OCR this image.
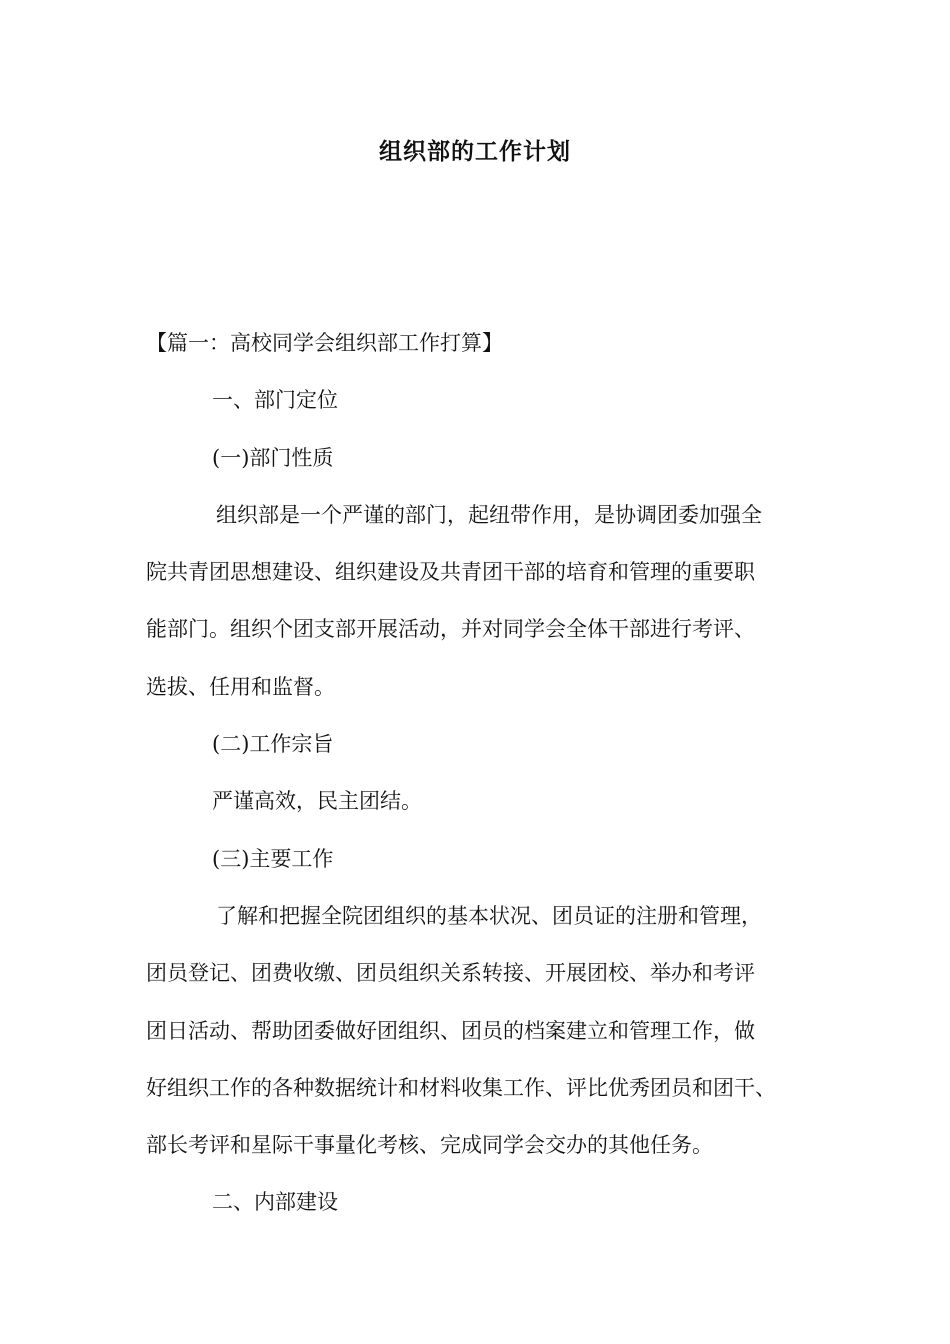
组织部的工作计划
【篇一：高校同学会组织部工作打算】
一、部门定位
(一)部门性质
组织部是一个严谨的部门，起纽带作用，是协调团委加强全
院共青团思想建设、组织建设及共青团干部的培育和管理的重要职
能部门。组织个团支部开展活动，并对同学会全体干部进行考评、
选拔、任用和监督。
(二)工作宗旨
严谨高效，民主团结。
(三)主要工作
了解和把握全院团组织的基本状况、团员证的注册和管理，
团员登记、团费收缴、团员组织关系转接、开展团校、举办和考评
团日活动、帮助团委做好团组织、团员的档案建立和管理工作，做
好组织工作的各种数据统计和材料收集工作、评比优秀团员和团干、
部长考评和星际干事量化考核、完成同学会交办的其他任务。
二、内部建设
